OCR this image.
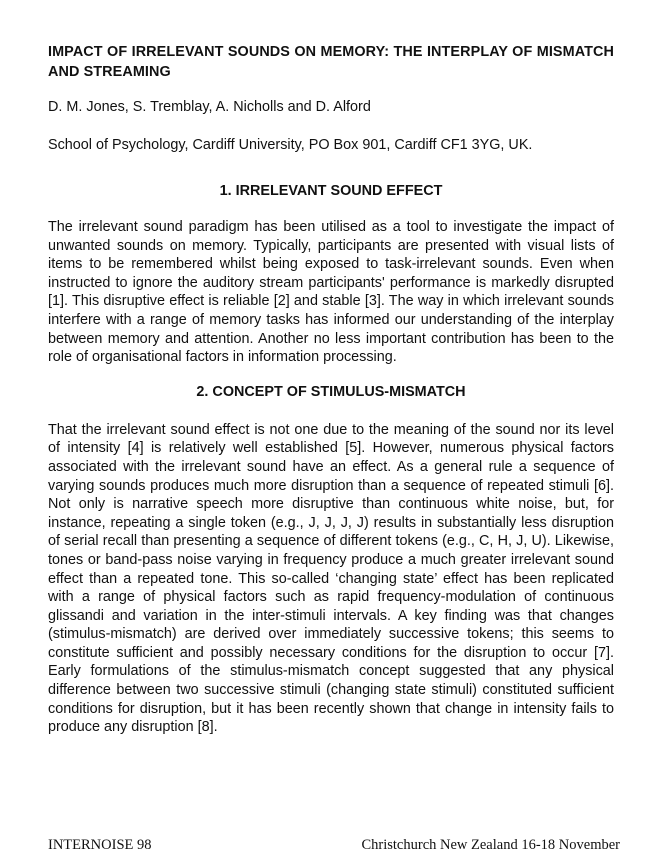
IMPACT OF IRRELEVANT SOUNDS ON MEMORY: THE INTERPLAY OF MISMATCH AND STREAMING

D. M. Jones, S. Tremblay, A. Nicholls and D. Alford

School of Psychology, Cardiff University, PO Box 901, Cardiff CF1 3YG, UK.

1. IRRELEVANT SOUND EFFECT

The irrelevant sound paradigm has been utilised as a tool to investigate the impact of unwanted sounds on memory. Typically, participants are presented with visual lists of items to be remembered whilst being exposed to task-irrelevant sounds. Even when instructed to ignore the auditory stream participants' performance is markedly disrupted [1]. This disruptive effect is reliable [2] and stable [3]. The way in which irrelevant sounds interfere with a range of memory tasks has informed our understanding of the interplay between memory and attention. Another no less important contribution has been to the role of organisational factors in information processing.

2. CONCEPT OF STIMULUS-MISMATCH

That the irrelevant sound effect is not one due to the meaning of the sound nor its level of intensity [4] is relatively well established [5]. However, numerous physical factors associated with the irrelevant sound have an effect. As a general rule a sequence of varying sounds produces much more disruption than a sequence of repeated stimuli [6]. Not only is narrative speech more disruptive than continuous white noise, but, for instance, repeating a single token (e.g., J, J, J, J) results in substantially less disruption of serial recall than presenting a sequence of different tokens (e.g., C, H, J, U). Likewise, tones or band-pass noise varying in frequency produce a much greater irrelevant sound effect than a repeated tone. This so-called ‘changing state’ effect has been replicated with a range of physical factors such as rapid frequency-modulation of continuous glissandi and variation in the inter-stimuli intervals. A key finding was that changes (stimulus-mismatch) are derived over immediately successive tokens; this seems to constitute sufficient and possibly necessary conditions for the disruption to occur [7]. Early formulations of the stimulus-mismatch concept suggested that any physical difference between two successive stimuli (changing state stimuli) constituted sufficient conditions for disruption, but it has been recently shown that change in intensity fails to produce any disruption [8].

INTERNOISE 98	Christchurch New Zealand 16-18 November
